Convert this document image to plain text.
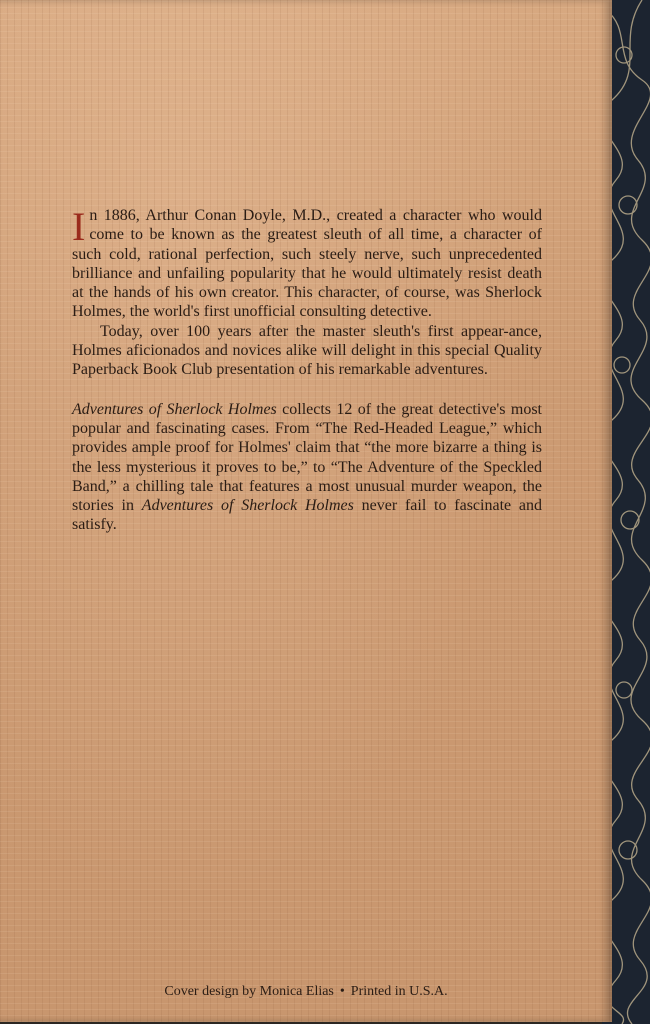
In 1886, Arthur Conan Doyle, M.D., created a character who would come to be known as the greatest sleuth of all time, a character of such cold, rational perfection, such steely nerve, such unprecedented brilliance and unfailing popularity that he would ultimately resist death at the hands of his own creator. This character, of course, was Sherlock Holmes, the world's first unofficial consulting detective.

Today, over 100 years after the master sleuth's first appear-ance, Holmes aficionados and novices alike will delight in this special Quality Paperback Book Club presentation of his remarkable adventures.

Adventures of Sherlock Holmes collects 12 of the great detective's most popular and fascinating cases. From “The Red-Headed League,” which provides ample proof for Holmes' claim that “the more bizarre a thing is the less mysterious it proves to be,” to “The Adventure of the Speckled Band,” a chilling tale that features a most unusual murder weapon, the stories in Adventures of Sherlock Holmes never fail to fascinate and satisfy.

Cover design by Monica Elias • Printed in U.S.A.
